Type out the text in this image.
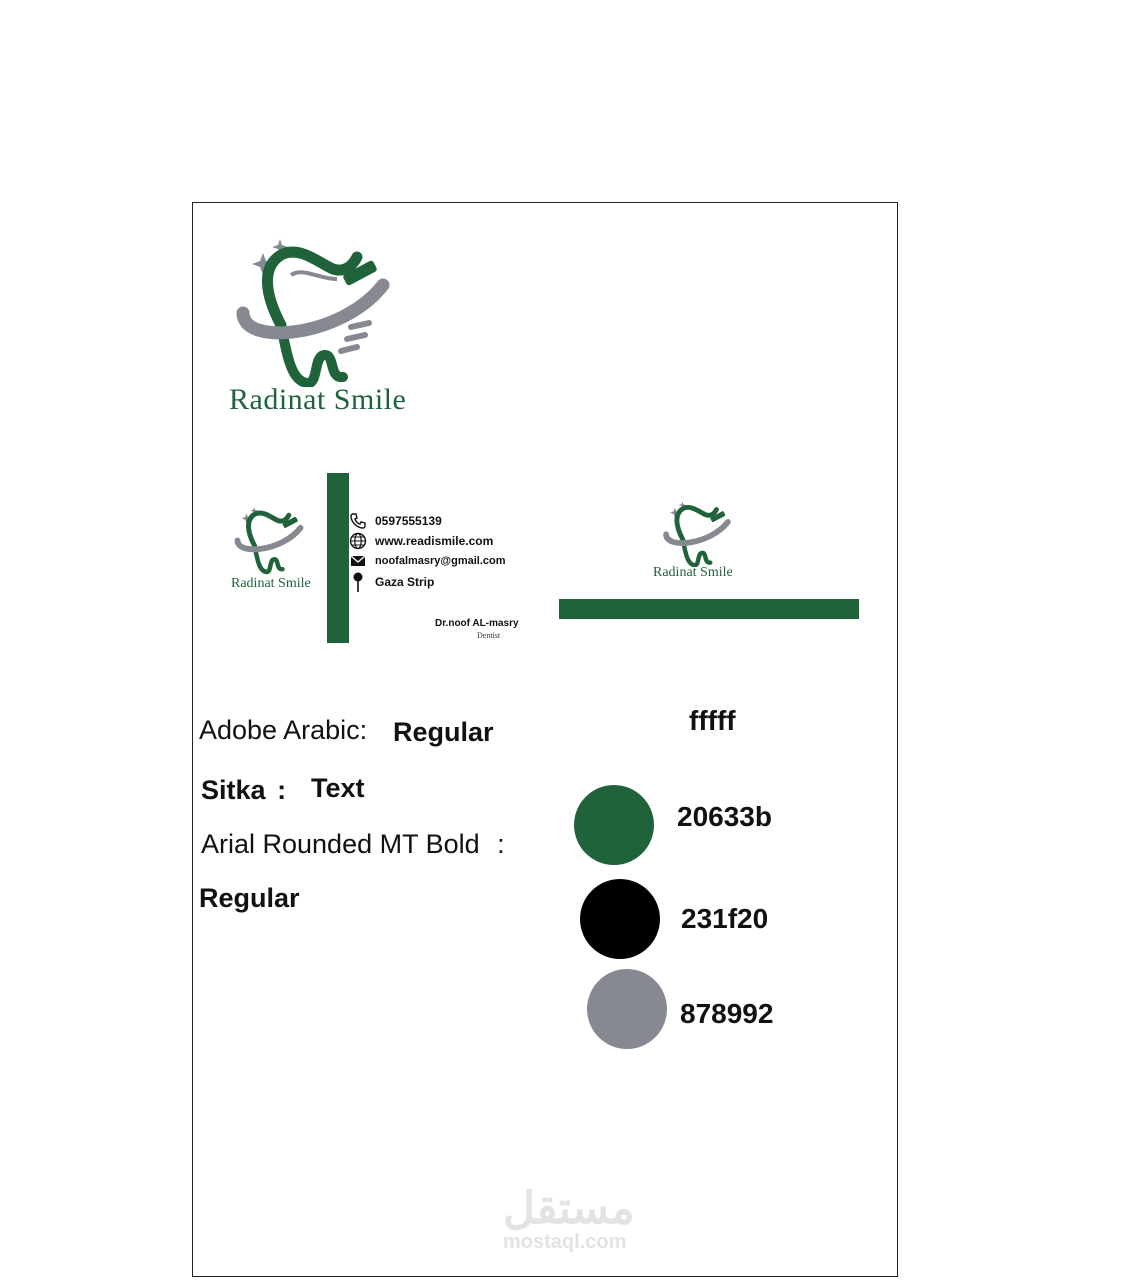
Radinat Smile
Radinat Smile
0597555139
www.readismile.com
noofalmasry@gmail.com
Gaza Strip
Dr.noof AL-masry
Dentist
Radinat Smile
Adobe Arabic: Regular
Sitka : Text
Arial Rounded MT Bold :
Regular
fffff
20633b
231f20
878992
مستقل
mostaql.com
